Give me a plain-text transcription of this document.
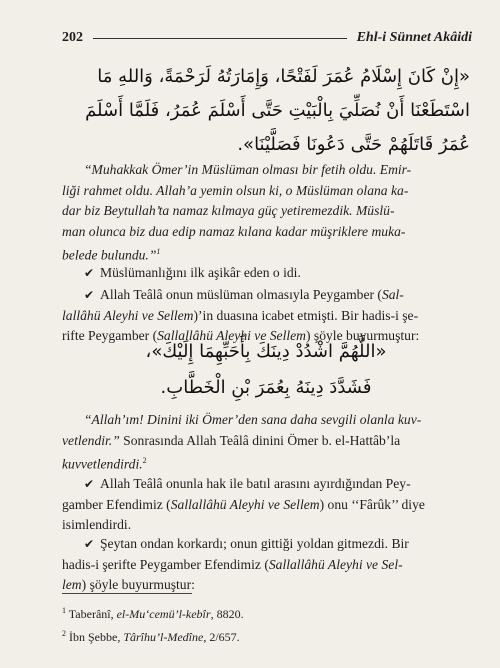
202	Ehl-i Sünnet Akâidi
«إِنْ كَانَ إِسْلَامُ عُمَرَ لَفَتْحًا، وَإِمَارَتُهُ لَرَحْمَةً، وَاللهِ مَا
اسْتَطَعْنَا أَنْ نُصَلِّيَ بِالْبَيْتِ حَتَّى أَسْلَمَ عُمَرُ، فَلَمَّا أَسْلَمَ
عُمَرُ قَاتَلَهُمْ حَتَّى دَعُونَا فَصَلَّيْنَا».
“Muhakkak Ömer’in Müslüman olması bir fetih oldu. Emir-
liği rahmet oldu. Allah’a yemin olsun ki, o Müslüman olana ka-
dar biz Beytullah’ta namaz kılmaya güç yetiremezdik. Müslü-
man olunca biz dua edip namaz kılana kadar müşriklere muka-
belede bulundu.”$^1$
✔ Müslümanlığını ilk aşikâr eden o idi.
✔ Allah Teâlâ onun müslüman olmasıyla Peygamber (Sal-
lallâhü Aleyhi ve Sellem)’in duasına icabet etmişti. Bir hadis-i şe-
rifte Peygamber (Sallallâhü Aleyhi ve Sellem) şöyle buyurmuştur:
«اللَّهُمَّ اشْدُدْ دِينَكَ بِأَحَبِّهِمَا إِلَيْكَ»،
فَشَدَّدَ دِينَهُ بِعُمَرَ بْنِ الْخَطَّابِ.
“Allah’ım! Dinini iki Ömer’den sana daha sevgili olanla kuv-
vetlendir.” Sonrasında Allah Teâlâ dinini Ömer b. el-Hattâb’la
kuvvetlendirdi.$^2$
✔ Allah Teâlâ onunla hak ile batıl arasını ayırdığından Pey-
gamber Efendimiz (Sallallâhü Aleyhi ve Sellem) onu ‘‘Fârûk’’ diye
isimlendirdi.
✔ Şeytan ondan korkardı; onun gittiği yoldan gitmezdi. Bir
hadis-i şerifte Peygamber Efendimiz (Sallallâhü Aleyhi ve Sel-
lem) şöyle buyurmuştur:
$^1$ Taberânî, el-Mu‘cemü’l-kebîr, 8820.
$^2$ İbn Şebbe, Târîhu’l-Medîne, 2/657.
